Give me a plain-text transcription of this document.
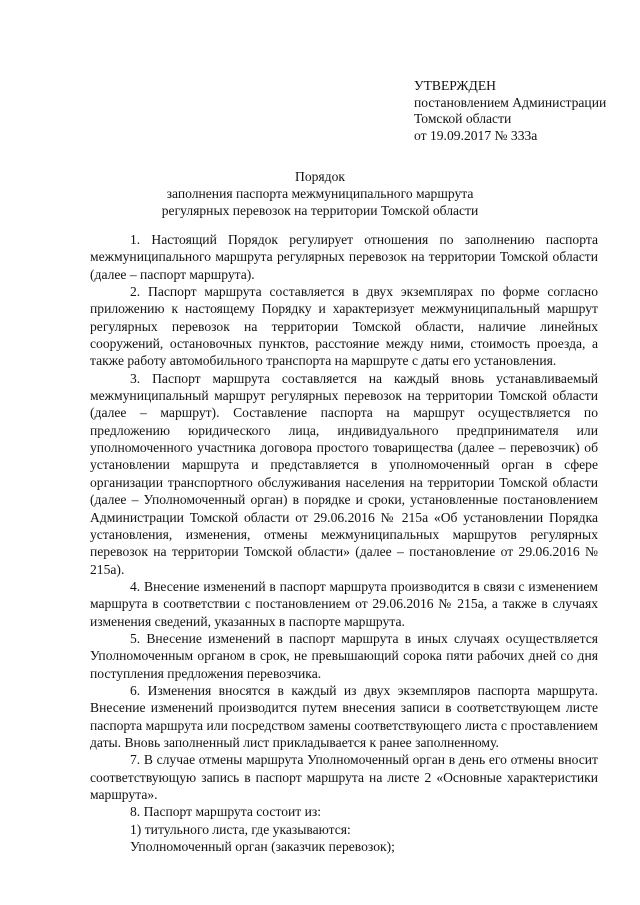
УТВЕРЖДЕН
постановлением Администрации
Томской области
от 19.09.2017 № 333а
Порядок
заполнения паспорта межмуниципального маршрута
регулярных перевозок на территории Томской области

1. Настоящий Порядок регулирует отношения по заполнению паспорта межмуниципального маршрута регулярных перевозок на территории Томской области (далее – паспорт маршрута).

2. Паспорт маршрута составляется в двух экземплярах по форме согласно приложению к настоящему Порядку и характеризует межмуниципальный маршрут регулярных перевозок на территории Томской области, наличие линейных сооружений, остановочных пунктов, расстояние между ними, стоимость проезда, а также работу автомобильного транспорта на маршруте с даты его установления.

3. Паспорт маршрута составляется на каждый вновь устанавливаемый межмуниципальный маршрут регулярных перевозок на территории Томской области (далее – маршрут). Составление паспорта на маршрут осуществляется по предложению юридического лица, индивидуального предпринимателя или уполномоченного участника договора простого товарищества (далее – перевозчик) об установлении маршрута и представляется в уполномоченный орган в сфере организации транспортного обслуживания населения на территории Томской области (далее – Уполномоченный орган) в порядке и сроки, установленные постановлением Администрации Томской области от 29.06.2016 № 215а «Об установлении Порядка установления, изменения, отмены межмуниципальных маршрутов регулярных перевозок на территории Томской области» (далее – постановление от 29.06.2016 № 215а).

4. Внесение изменений в паспорт маршрута производится в связи с изменением маршрута в соответствии с постановлением от 29.06.2016 № 215а, а также в случаях изменения сведений, указанных в паспорте маршрута.

5. Внесение изменений в паспорт маршрута в иных случаях осуществляется Уполномоченным органом в срок, не превышающий сорока пяти рабочих дней со дня поступления предложения перевозчика.

6. Изменения вносятся в каждый из двух экземпляров паспорта маршрута. Внесение изменений производится путем внесения записи в соответствующем листе паспорта маршрута или посредством замены соответствующего листа с проставлением даты. Вновь заполненный лист прикладывается к ранее заполненному.

7. В случае отмены маршрута Уполномоченный орган в день его отмены вносит соответствующую запись в паспорт маршрута на листе 2 «Основные характеристики маршрута».

8. Паспорт маршрута состоит из:

1) титульного листа, где указываются:

Уполномоченный орган (заказчик перевозок);
